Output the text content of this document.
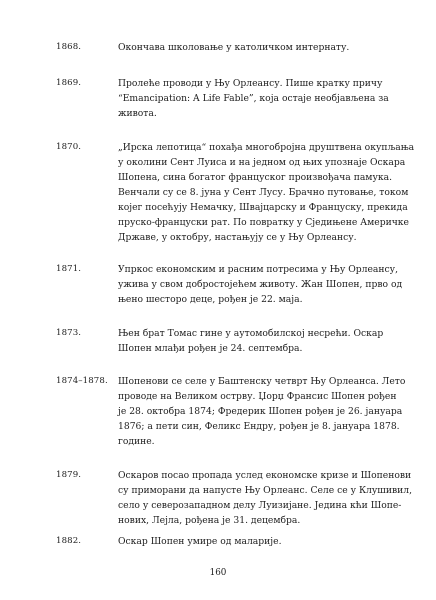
1868.	Окончава школовање у католичком интернату.
1869.	Пролеће проводи у Њу Орлеансу. Пише кратку причу
“Emancipation: A Life Fable”, која остаје необјављена за
живота.
1870.	„Ирска лепотица“ похађа многобројна друштвена окупљања
у околини Сент Луиса и на једном од њих упознаје Оскара
Шопена, сина богатог француског произвођача памука.
Венчали су се 8. јуна у Сент Лусу. Брачно путовање, током
којег посећују Немачку, Швајцарску и Француску, прекида
пруско-француски рат. По повратку у Сједињене Америчке
Државе, у октобру, настањују се у Њу Орлеансу.
1871.	Упркос економским и расним потресима у Њу Орлеансу,
ужива у свом добростојећем животу. Жан Шопен, прво од
њено шесторо деце, рођен је 22. маја.
1873.	Њен брат Томас гине у аутомобилској несрећи. Оскар
Шопен млађи рођен је 24. септембра.
1874–1878. Шопенови се селе у Баштенску четврт Њу Орлеанса. Лето
проводе на Великом острву. Џорџ Франсис Шопен рођен
је 28. октобра 1874; Фредерик Шопен рођен је 26. јануара
1876; а пети син, Феликс Ендру, рођен је 8. јануара 1878.
године.
1879.	Оскаров посао пропада услед економске кризе и Шопенови
су приморани да напусте Њу Орлеанс. Селе се у Клушивил,
село у северозападном делу Луизијане. Једина кћи Шопе-
нових, Лејла, рођена је 31. децембра.
1882.	Оскар Шопен умире од маларије.
160
